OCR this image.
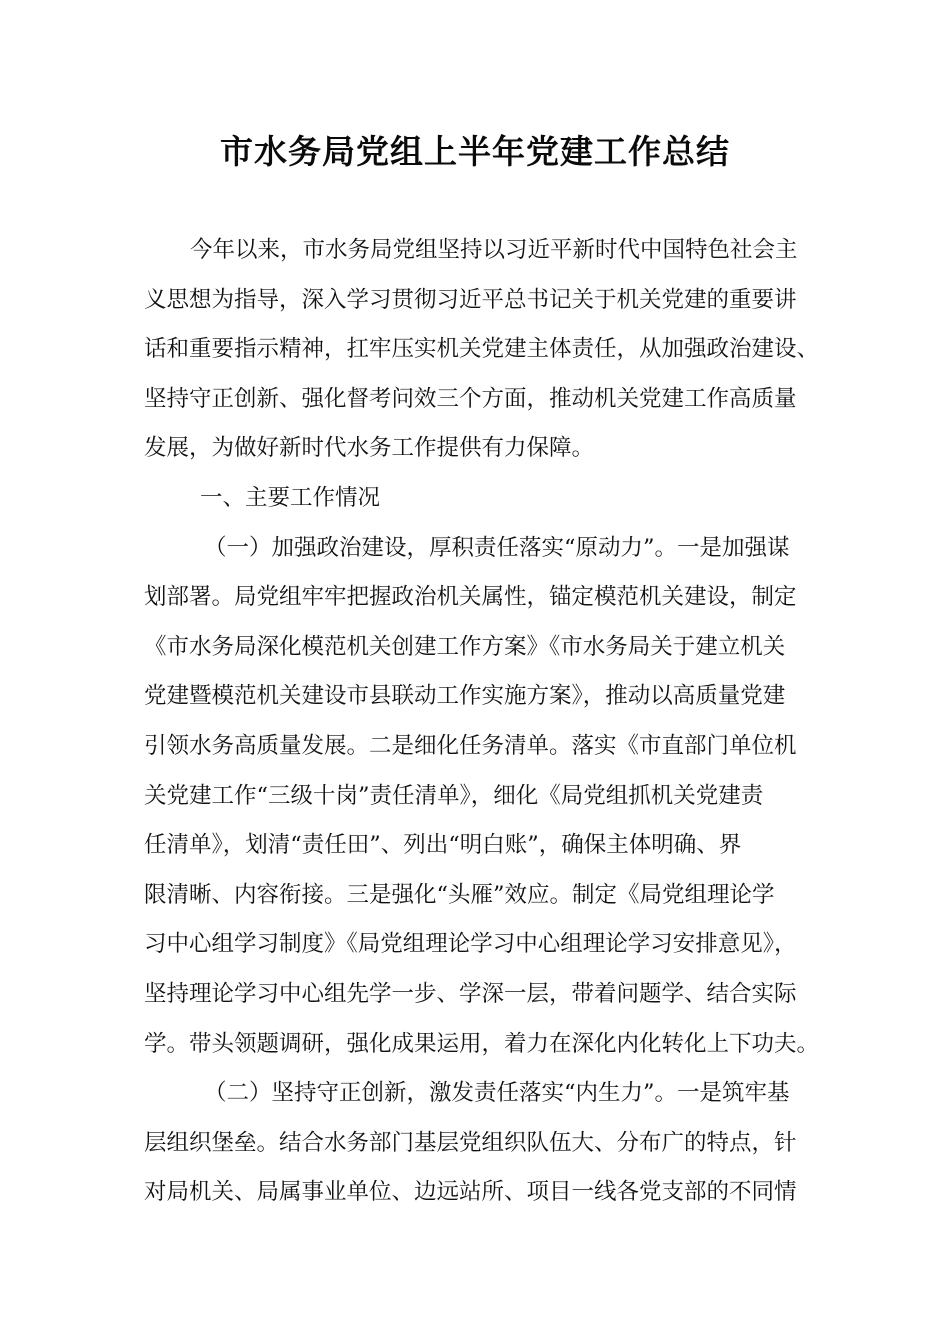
市水务局党组上半年党建工作总结
今年以来，市水务局党组坚持以习近平新时代中国特色社会主
义思想为指导，深入学习贯彻习近平总书记关于机关党建的重要讲
话和重要指示精神，扛牢压实机关党建主体责任，从加强政治建设、
坚持守正创新、强化督考问效三个方面，推动机关党建工作高质量
发展，为做好新时代水务工作提供有力保障。
一、主要工作情况
（一）加强政治建设，厚积责任落实“原动力”。一是加强谋
划部署。局党组牢牢把握政治机关属性，锚定模范机关建设，制定
《市水务局深化模范机关创建工作方案》《市水务局关于建立机关
党建暨模范机关建设市县联动工作实施方案》，推动以高质量党建
引领水务高质量发展。二是细化任务清单。落实《市直部门单位机
关党建工作“三级十岗”责任清单》，细化《局党组抓机关党建责
任清单》，划清“责任田”、列出“明白账”，确保主体明确、界
限清晰、内容衔接。三是强化“头雁”效应。制定《局党组理论学
习中心组学习制度》《局党组理论学习中心组理论学习安排意见》，
坚持理论学习中心组先学一步、学深一层，带着问题学、结合实际
学。带头领题调研，强化成果运用，着力在深化内化转化上下功夫。
（二）坚持守正创新，激发责任落实“内生力”。一是筑牢基
层组织堡垒。结合水务部门基层党组织队伍大、分布广的特点，针
对局机关、局属事业单位、边远站所、项目一线各党支部的不同情
